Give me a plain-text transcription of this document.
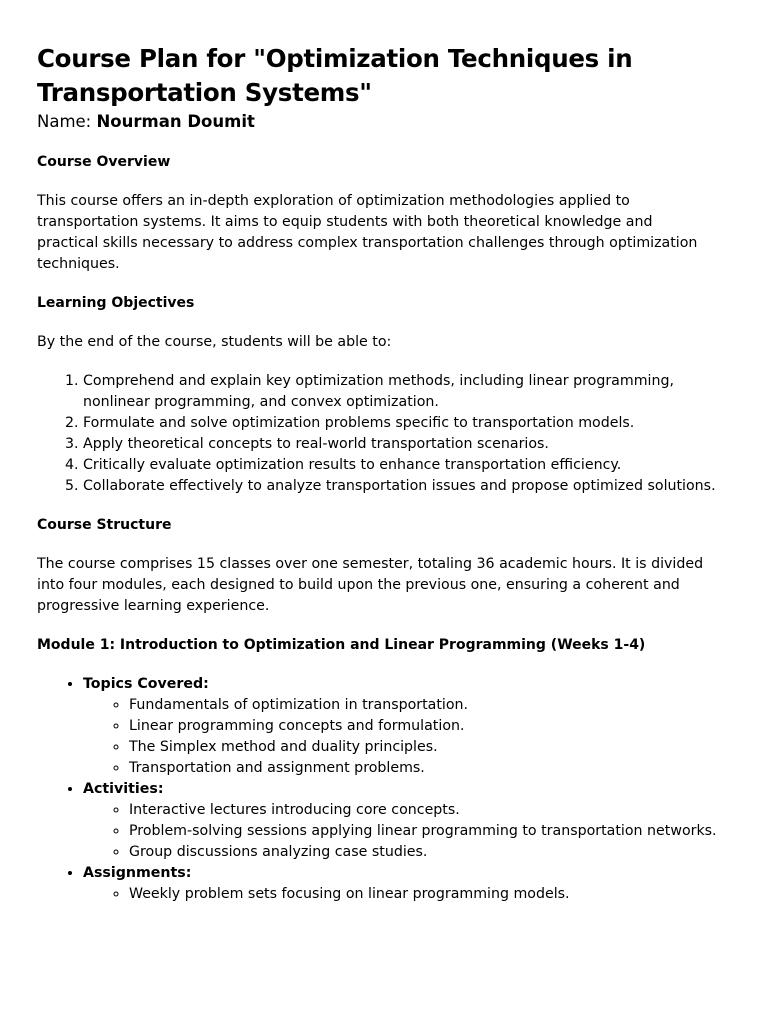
Course Plan for "Optimization Techniques in Transportation Systems"
Name: Nourman Doumit
Course Overview

This course offers an in-depth exploration of optimization methodologies applied to transportation systems. It aims to equip students with both theoretical knowledge and practical skills necessary to address complex transportation challenges through optimization techniques.

Learning Objectives

By the end of the course, students will be able to:

1. Comprehend and explain key optimization methods, including linear programming, nonlinear programming, and convex optimization.
2. Formulate and solve optimization problems specific to transportation models.
3. Apply theoretical concepts to real-world transportation scenarios.
4. Critically evaluate optimization results to enhance transportation efficiency.
5. Collaborate effectively to analyze transportation issues and propose optimized solutions.
Course Structure

The course comprises 15 classes over one semester, totaling 36 academic hours. It is divided into four modules, each designed to build upon the previous one, ensuring a coherent and progressive learning experience.

Module 1: Introduction to Optimization and Linear Programming (Weeks 1-4)
• Topics Covered:
◦ Fundamentals of optimization in transportation.
◦ Linear programming concepts and formulation.
◦ The Simplex method and duality principles.
◦ Transportation and assignment problems.
• Activities:
◦ Interactive lectures introducing core concepts.
◦ Problem-solving sessions applying linear programming to transportation networks.
◦ Group discussions analyzing case studies.
• Assignments:
◦ Weekly problem sets focusing on linear programming models.
